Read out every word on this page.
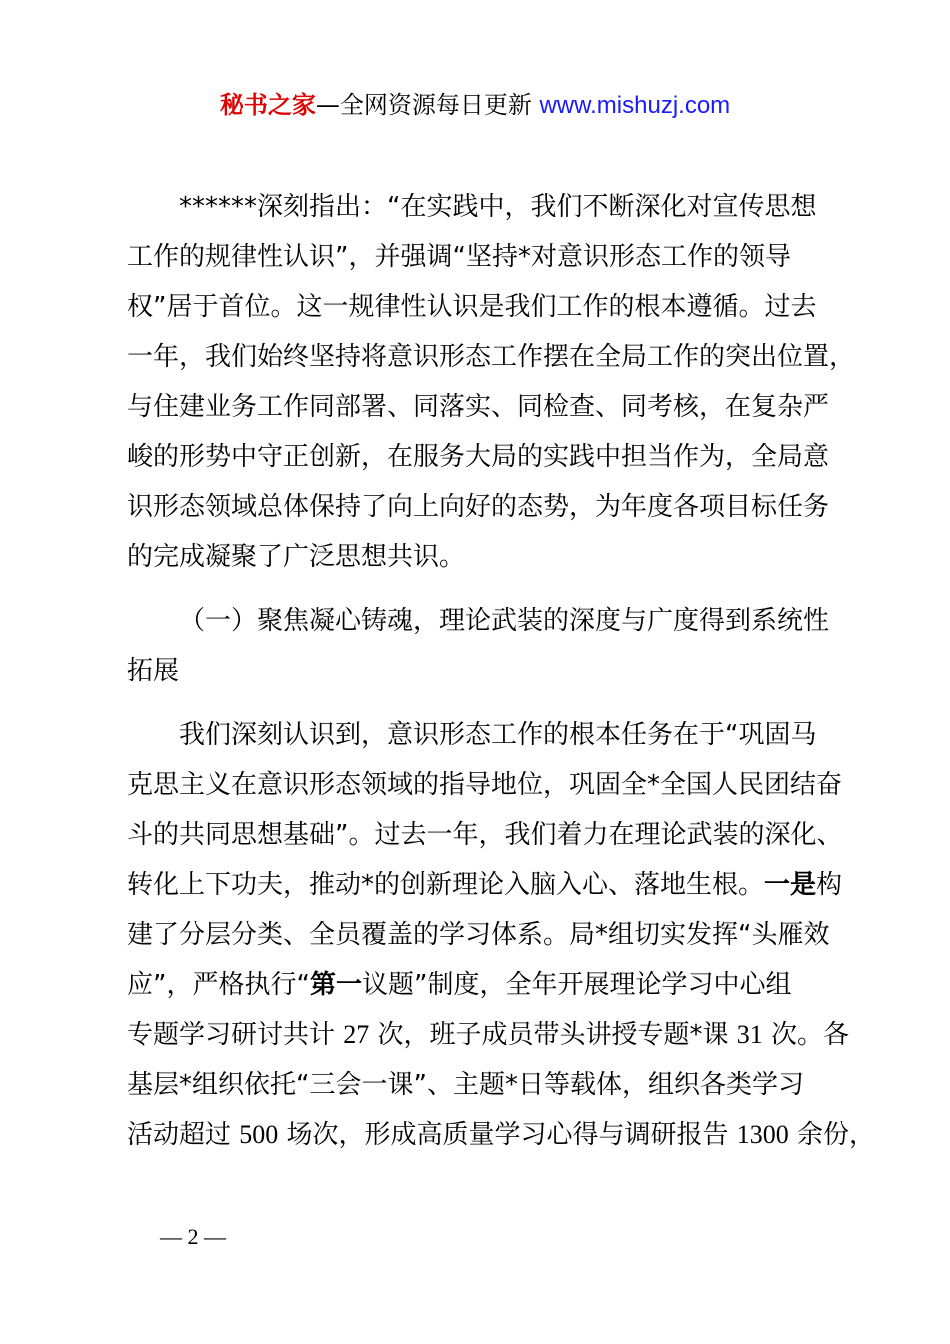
秘书之家—全网资源每日更新 www.mishuzj.com
******深刻指出：“在实践中，我们不断深化对宣传思想
工作的规律性认识”，并强调“坚持*对意识形态工作的领导
权”居于首位。这一规律性认识是我们工作的根本遵循。过去
一年，我们始终坚持将意识形态工作摆在全局工作的突出位置，
与住建业务工作同部署、同落实、同检查、同考核，在复杂严
峻的形势中守正创新，在服务大局的实践中担当作为，全局意
识形态领域总体保持了向上向好的态势，为年度各项目标任务
的完成凝聚了广泛思想共识。
（一）聚焦凝心铸魂，理论武装的深度与广度得到系统性
拓展
我们深刻认识到，意识形态工作的根本任务在于“巩固马
克思主义在意识形态领域的指导地位，巩固全*全国人民团结奋
斗的共同思想基础”。过去一年，我们着力在理论武装的深化、
转化上下功夫，推动*的创新理论入脑入心、落地生根。一是构
建了分层分类、全员覆盖的学习体系。局*组切实发挥“头雁效
应”，严格执行“第一议题”制度，全年开展理论学习中心组
专题学习研讨共计 27 次，班子成员带头讲授专题*课 31 次。各
基层*组织依托“三会一课”、主题*日等载体，组织各类学习
活动超过 500 场次，形成高质量学习心得与调研报告 1300 余份，
— 2 —
